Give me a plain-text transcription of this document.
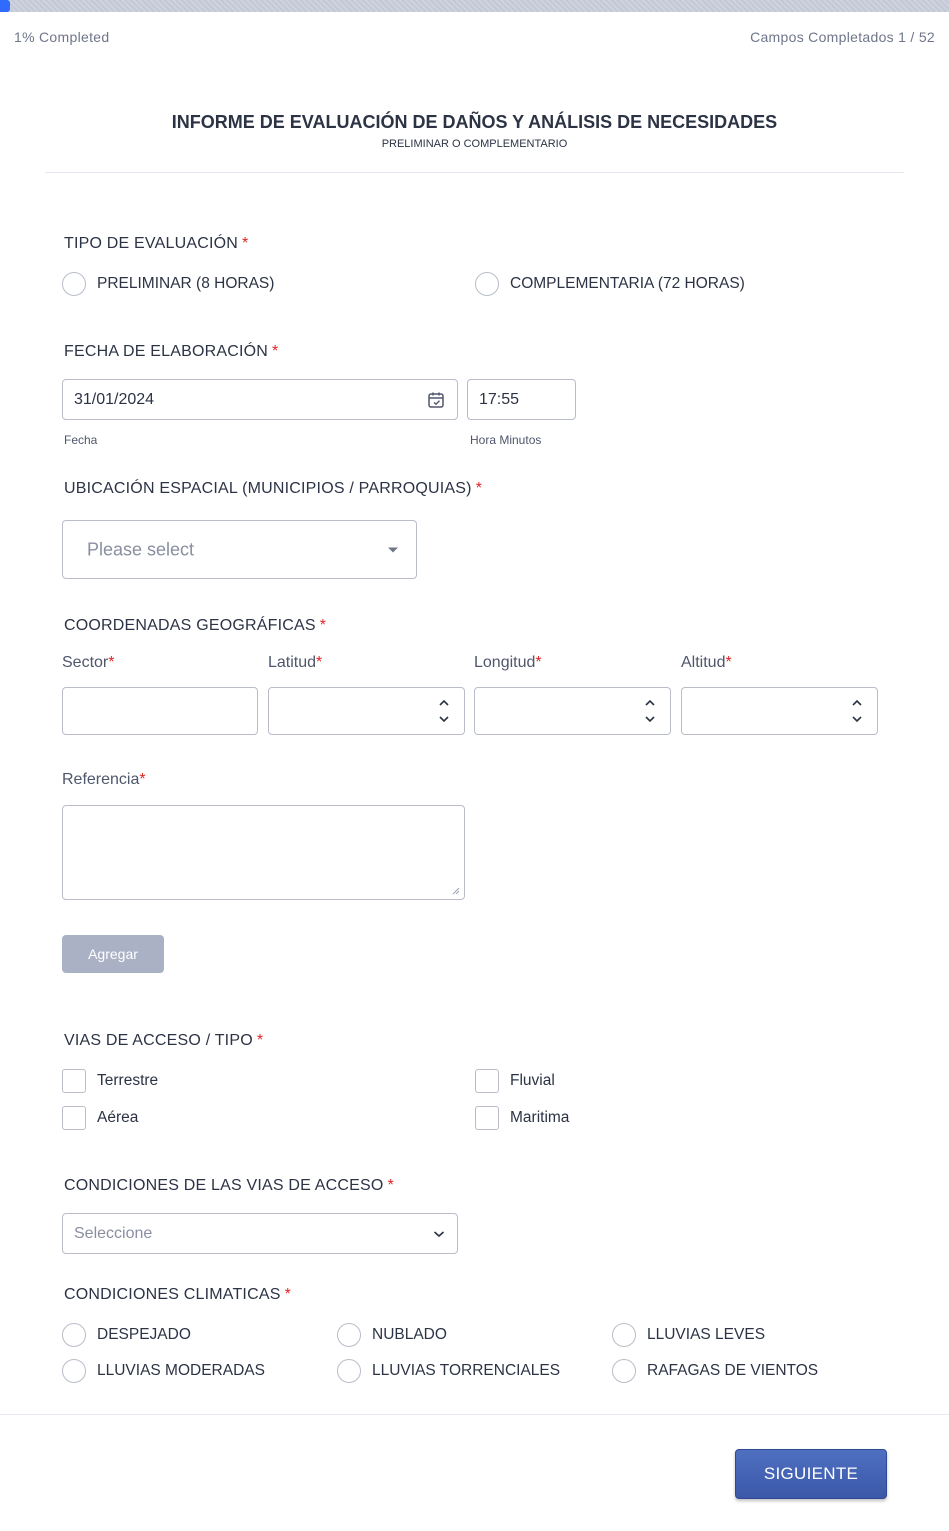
1% Completed	Campos Completados 1 / 52
INFORME DE EVALUACIÓN DE DAÑOS Y ANÁLISIS DE NECESIDADES
PRELIMINAR O COMPLEMENTARIO
TIPO DE EVALUACIÓN *
PRELIMINAR (8 HORAS)	COMPLEMENTARIA (72 HORAS)
FECHA DE ELABORACIÓN *
31/01/2024	17:55
Fecha	Hora Minutos
UBICACIÓN ESPACIAL (MUNICIPIOS / PARROQUIAS) *
Please select
COORDENADAS GEOGRÁFICAS *
Sector*	Latitud*	Longitud*	Altitud*
Referencia*
Agregar
VIAS DE ACCESO / TIPO *
Terrestre	Fluvial
Aérea	Maritima
CONDICIONES DE LAS VIAS DE ACCESO *
Seleccione
CONDICIONES CLIMATICAS *
DESPEJADO	NUBLADO	LLUVIAS LEVES
LLUVIAS MODERADAS	LLUVIAS TORRENCIALES	RAFAGAS DE VIENTOS
SIGUIENTE
